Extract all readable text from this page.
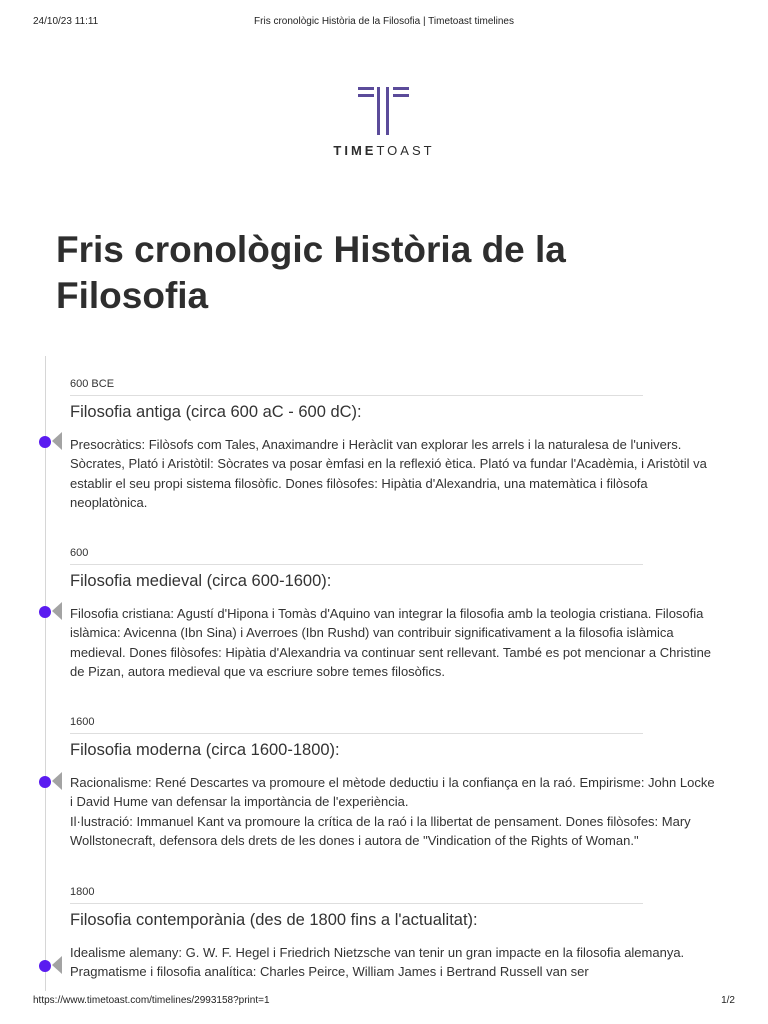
24/10/23 11:11	Fris cronològic Història de la Filosofia | Timetoast timelines
TIMETOAST
Fris cronològic Història de la Filosofia
600 BCE
Filosofia antiga (circa 600 aC - 600 dC):

Presocràtics: Filòsofs com Tales, Anaximandre i Heràclit van explorar les arrels i la naturalesa de l'univers. Sòcrates, Plató i Aristòtil: Sòcrates va posar èmfasi en la reflexió ètica. Plató va fundar l'Acadèmia, i Aristòtil va establir el seu propi sistema filosòfic. Dones filòsofes: Hipàtia d'Alexandria, una matemàtica i filòsofa neoplatònica.

600
Filosofia medieval (circa 600-1600):

Filosofia cristiana: Agustí d'Hipona i Tomàs d'Aquino van integrar la filosofia amb la teologia cristiana. Filosofia islàmica: Avicenna (Ibn Sina) i Averroes (Ibn Rushd) van contribuir significativament a la filosofia islàmica medieval. Dones filòsofes: Hipàtia d'Alexandria va continuar sent rellevant. També es pot mencionar a Christine de Pizan, autora medieval que va escriure sobre temes filosòfics.

1600
Filosofia moderna (circa 1600-1800):

Racionalisme: René Descartes va promoure el mètode deductiu i la confiança en la raó. Empirisme: John Locke i David Hume van defensar la importància de l'experiència.

Il·lustració: Immanuel Kant va promoure la crítica de la raó i la llibertat de pensament. Dones filòsofes: Mary Wollstonecraft, defensora dels drets de les dones i autora de "Vindication of the Rights of Woman."

1800
Filosofia contemporània (des de 1800 fins a l'actualitat):

Idealisme alemany: G. W. F. Hegel i Friedrich Nietzsche van tenir un gran impacte en la filosofia alemanya. Pragmatisme i filosofia analítica: Charles Peirce, William James i Bertrand Russell van ser

https://www.timetoast.com/timelines/2993158?print=1	1/2
